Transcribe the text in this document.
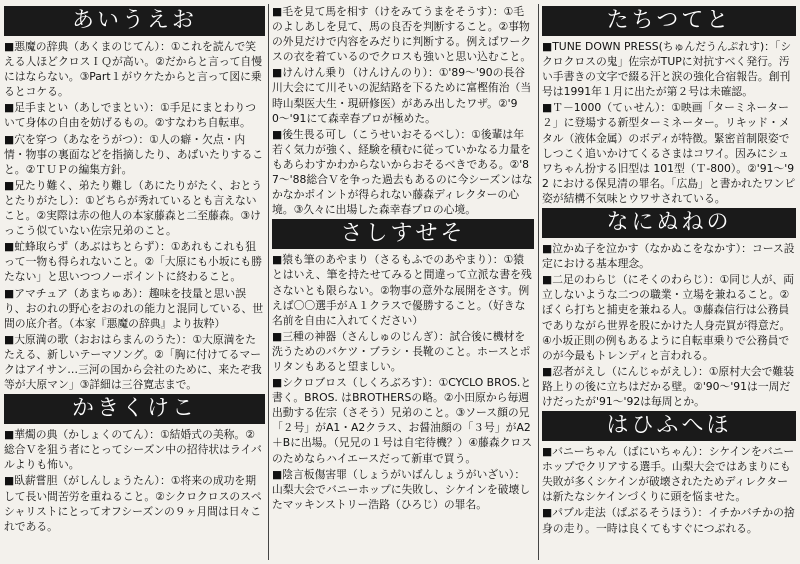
あいうえお

■悪魔の辞典（あくまのじてん）：①これを読んで笑える人ほどクロスＩＱが高い。②だからと言って自慢にはならない。③Part１がウケたからと言って図に乗るとコケる。

■足手まとい（あしでまとい）：①手足にまとわりついて身体の自由を妨げるもの。②すなわち自転車。

■穴を穿つ（あなをうがつ）：①人の癖・欠点・内情・物事の裏面などを指摘したり、あばいたりすること。②ＴＵＰの編集方針。

■兄たり難く、弟たり難し（あにたりがたく、おとうとたりがたし）：①どちらが秀れているとも言えないこと。②実際は赤の他人の本家藤森と二至藤森。③けっこう似ていない佐宗兄弟のこと。

■虻蜂取らず（あぶはちとらず）：①あれもこれも狙って一物も得られないこと。②「大原にも小坂にも勝たない」と思いつつノーポイントに終わること。

■アマチュア（あまちゅあ）：趣味を技量と思い誤り、おのれの野心をおのれの能力と混同している、世間の底介者。（本家『悪魔の辞典』より抜粋）

■大原満の歌（おおはらまんのうた）：①大原満をたたえる、新しいテーマソング。②「胸に付けてるマークはアイサン…三河の国から会社のために、来たぞ我等が大原マン」③詳細は三谷寛志まで。

かきくけこ

■華燭の典（かしょくのてん）：①結婚式の美称。②総合Ｖを狙う者にとってシーズン中の招待状はライバルよりも怖い。

■臥薪嘗胆（がしんしょうたん）：①将来の成功を期して長い間苦労を重ねること。②シクロクロスのスペシャリストにとってオフシーズンの９ヶ月間は日々これである。

■毛を見て馬を相す（けをみてうまをそうす）：①毛のよしあしを見て、馬の良否を判断すること。②事物の外見だけで内容をみだりに判断する。例えばワークスの衣を着ているのでクロスも強いと思い込むこと。

■けんけん乗り（けんけんのり）：①'89〜'90の長谷川大会にて川そいの泥結路を下るために富樫侑治（当時山梨医大生・現研修医）があみ出したワザ。②'90〜'91にて森幸春プロが極めた。

■後生畏る可し（こうせいおそるべし）：①後輩は年若く気力が強く、経験を積むに従っていかなる力量をもあらわすかわからないからおそるべきである。②'87〜'88総合Ｖを争った過去もあるのに今シーズンはなかなかポイントが得られない藤森ディレクターの心境。③久々に出場した森幸春プロの心境。

さしすせそ

■猿も筆のあやまり（さるもふでのあやまり）：①猿とはいえ、筆を持たせてみると間違って立派な書を残さないとも限らない。②物事の意外な展開をさす。例えば〇〇選手がＡ１クラスで優勝すること。（好きな名前を自由に入れてください）

■三種の神器（さんしゅのじんぎ）：試合後に機材を洗うためのバケツ・ブラシ・長靴のこと。ホースとポリタンもあると望ましい。

■シクロブロス（しくろぶろす）：①CYCLO BROS.と書く。BROS. はBROTHERSの略。②小田原から毎週出動する佐宗（さそう）兄弟のこと。③ソース顔の兄「２号」がA1・A2クラス、お醤油顔の「３号」がA2＋Bに出場。（兄兄の１号は自宅待機？）④藤森クロスのためならハイエースだって新車で買う。

■陰言板傷害罪（しょうがいばんしょうがいざい）：山梨大会でバニーホップに失敗し、シケインを破壊したマッキンストリー浩路（ひろじ）の罪名。

たちつてと

■TUNE DOWN PRESS(ちゅんだうんぷれす)：「シクロクロスの鬼」佐宗がTUPに対抗すべく発行。汚い手書きの文字で綴る汗と涙の強化合宿報告。創刊号は1991年１月に出たが第２号は未確認。

■Ｔ－1000（てぃせん）：①映画「ターミネーター２」に登場する新型ターミネーター。リキッド・メタル（液体金属）のボディが特徴。緊密首制限姿でしつこく追いかけてくるさまはコワイ。因みにシュワちゃん扮する旧型は 101型（Ｔ-800）。②'91〜'92 における保見清の罪名。「広島」と書かれたワンピ姿が結構不気味とウワサされている。

なにぬねの

■泣かぬ子を泣かす（なかぬこをなかす）：コース設定における基本理念。

■二足のわらじ（にそくのわらじ）：①同じ人が、両立しないような二つの職業・立場を兼ねること。②ぼくら打ちと捕吏を兼ねる人。③藤森信行は公務員でありながら世界を股にかけた人身売買が得意だ。④小坂正則の例もあるように自転車乗りで公務員でのが今最もトレンディと言われる。

■忍者がえし（にんじゃがえし）：①原村大会で難装路上りの後に立ちはだかる壁。②'90〜'91は一周だけだったが'91〜'92は毎周とか。

はひふへほ

■バニーちゃん（ばにいちゃん）：シケインをバニーホップでクリアする選手。山梨大会ではあまりにも失敗が多くシケインが破壊されたためディレクターは新たなシケインづくりに頭を悩ませた。

■パブル走法（ぱぶるそうほう）：イチかバチかの捨身の走り。一時は良くてもすぐにつぶれる。
